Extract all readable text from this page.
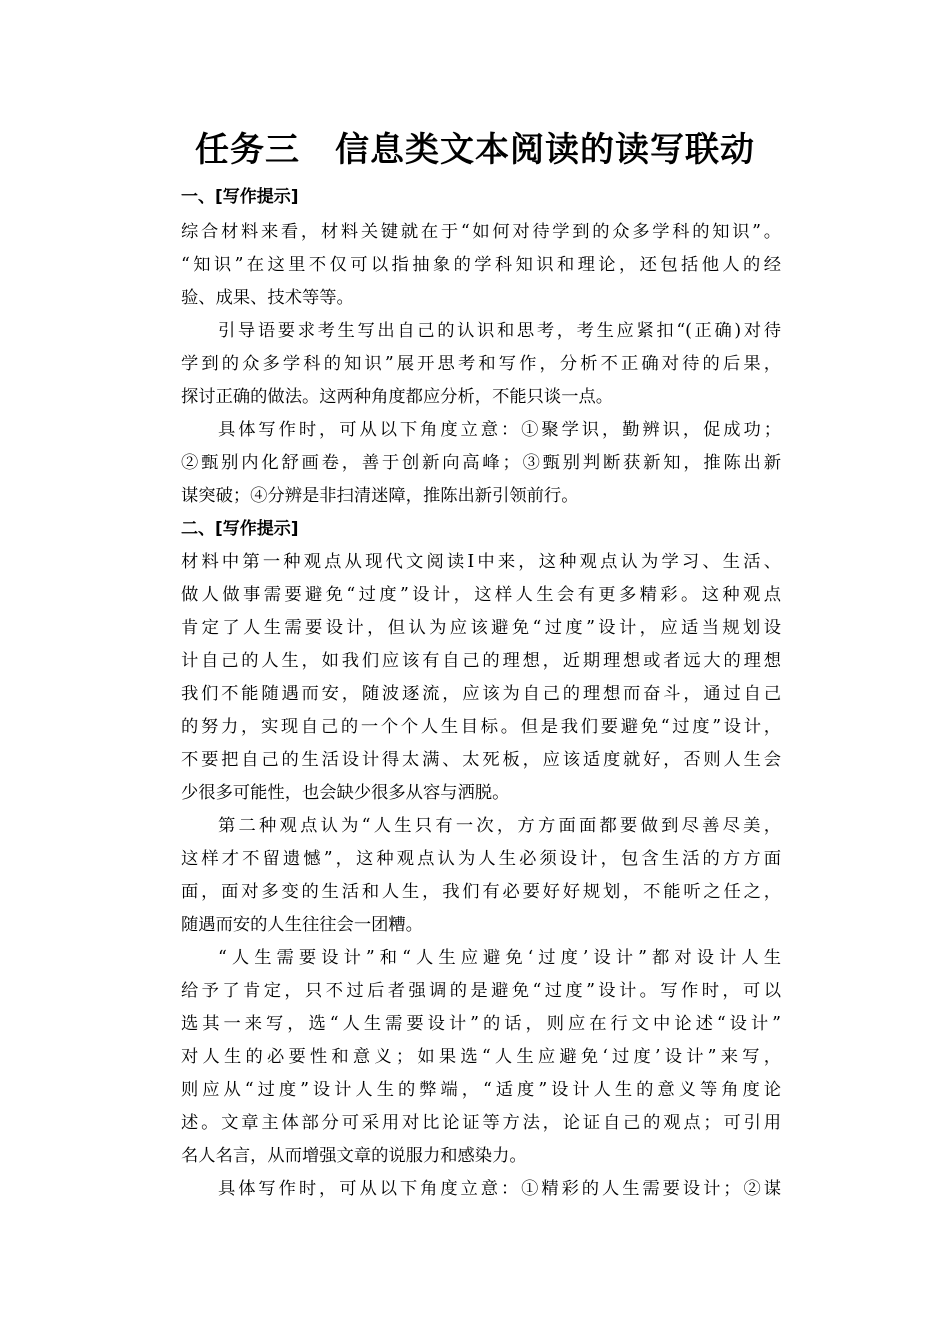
任务三　信息类文本阅读的读写联动
一、[写作提示]
综合材料来看，材料关键就在于“如何对待学到的众多学科的知识”。
“知识”在这里不仅可以指抽象的学科知识和理论，还包括他人的经
验、成果、技术等等。
引导语要求考生写出自己的认识和思考，考生应紧扣“(正确)对待
学到的众多学科的知识”展开思考和写作，分析不正确对待的后果，
探讨正确的做法。这两种角度都应分析，不能只谈一点。
具体写作时，可从以下角度立意：①聚学识，勤辨识，促成功；
②甄别内化舒画卷，善于创新向高峰；③甄别判断获新知，推陈出新
谋突破；④分辨是非扫清迷障，推陈出新引领前行。
二、[写作提示]
材料中第一种观点从现代文阅读Ⅰ中来，这种观点认为学习、生活、
做人做事需要避免“过度”设计，这样人生会有更多精彩。这种观点
肯定了人生需要设计，但认为应该避免“过度”设计，应适当规划设
计自己的人生，如我们应该有自己的理想，近期理想或者远大的理想
我们不能随遇而安，随波逐流，应该为自己的理想而奋斗，通过自己
的努力，实现自己的一个个人生目标。但是我们要避免“过度”设计，
不要把自己的生活设计得太满、太死板，应该适度就好，否则人生会
少很多可能性，也会缺少很多从容与洒脱。
第二种观点认为“人生只有一次，方方面面都要做到尽善尽美，
这样才不留遗憾”，这种观点认为人生必须设计，包含生活的方方面
面，面对多变的生活和人生，我们有必要好好规划，不能听之任之，
随遇而安的人生往往会一团糟。
“人生需要设计”和“人生应避免‘过度’设计”都对设计人生
给予了肯定，只不过后者强调的是避免“过度”设计。写作时，可以
选其一来写，选“人生需要设计”的话，则应在行文中论述“设计”
对人生的必要性和意义；如果选“人生应避免‘过度’设计”来写，
则应从“过度”设计人生的弊端，“适度”设计人生的意义等角度论
述。文章主体部分可采用对比论证等方法，论证自己的观点；可引用
名人名言，从而增强文章的说服力和感染力。
具体写作时，可从以下角度立意：①精彩的人生需要设计；②谋
